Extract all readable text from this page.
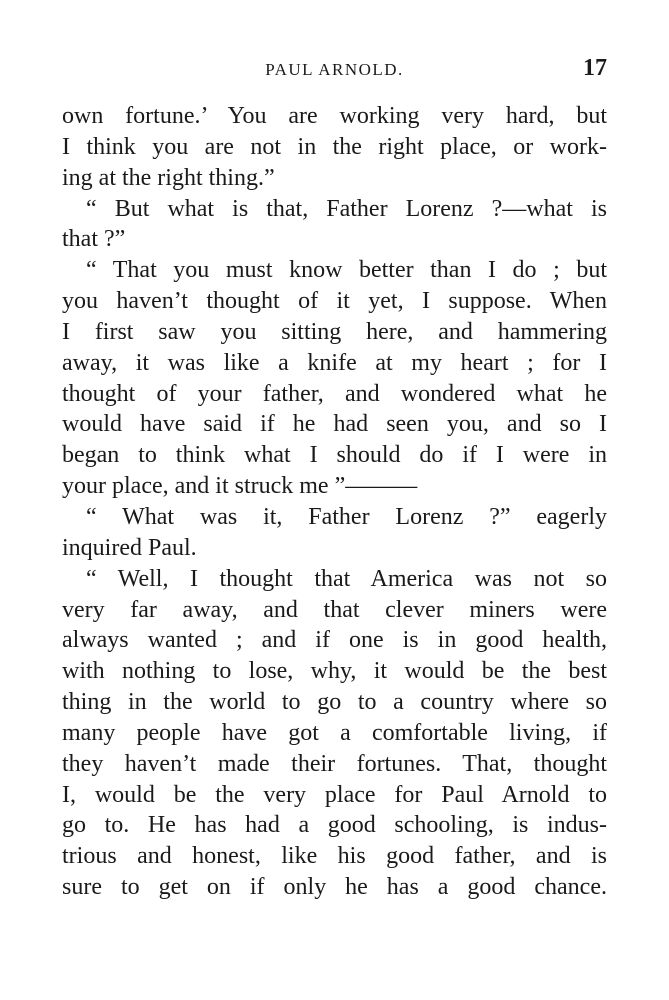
PAUL ARNOLD.	17
own fortune.’ You are working very hard, but
I think you are not in the right place, or work-
ing at the right thing.”
“ But what is that, Father Lorenz ?—what is
that ?”
“ That you must know better than I do ; but
you haven’t thought of it yet, I suppose. When
I first saw you sitting here, and hammering
away, it was like a knife at my heart ; for I
thought of your father, and wondered what he
would have said if he had seen you, and so I
began to think what I should do if I were in
your place, and it struck me ”———
“ What was it, Father Lorenz ?” eagerly
inquired Paul.
“ Well, I thought that America was not so
very far away, and that clever miners were
always wanted ; and if one is in good health,
with nothing to lose, why, it would be the best
thing in the world to go to a country where so
many people have got a comfortable living, if
they haven’t made their fortunes. That, thought
I, would be the very place for Paul Arnold to
go to. He has had a good schooling, is indus-
trious and honest, like his good father, and is
sure to get on if only he has a good chance.
